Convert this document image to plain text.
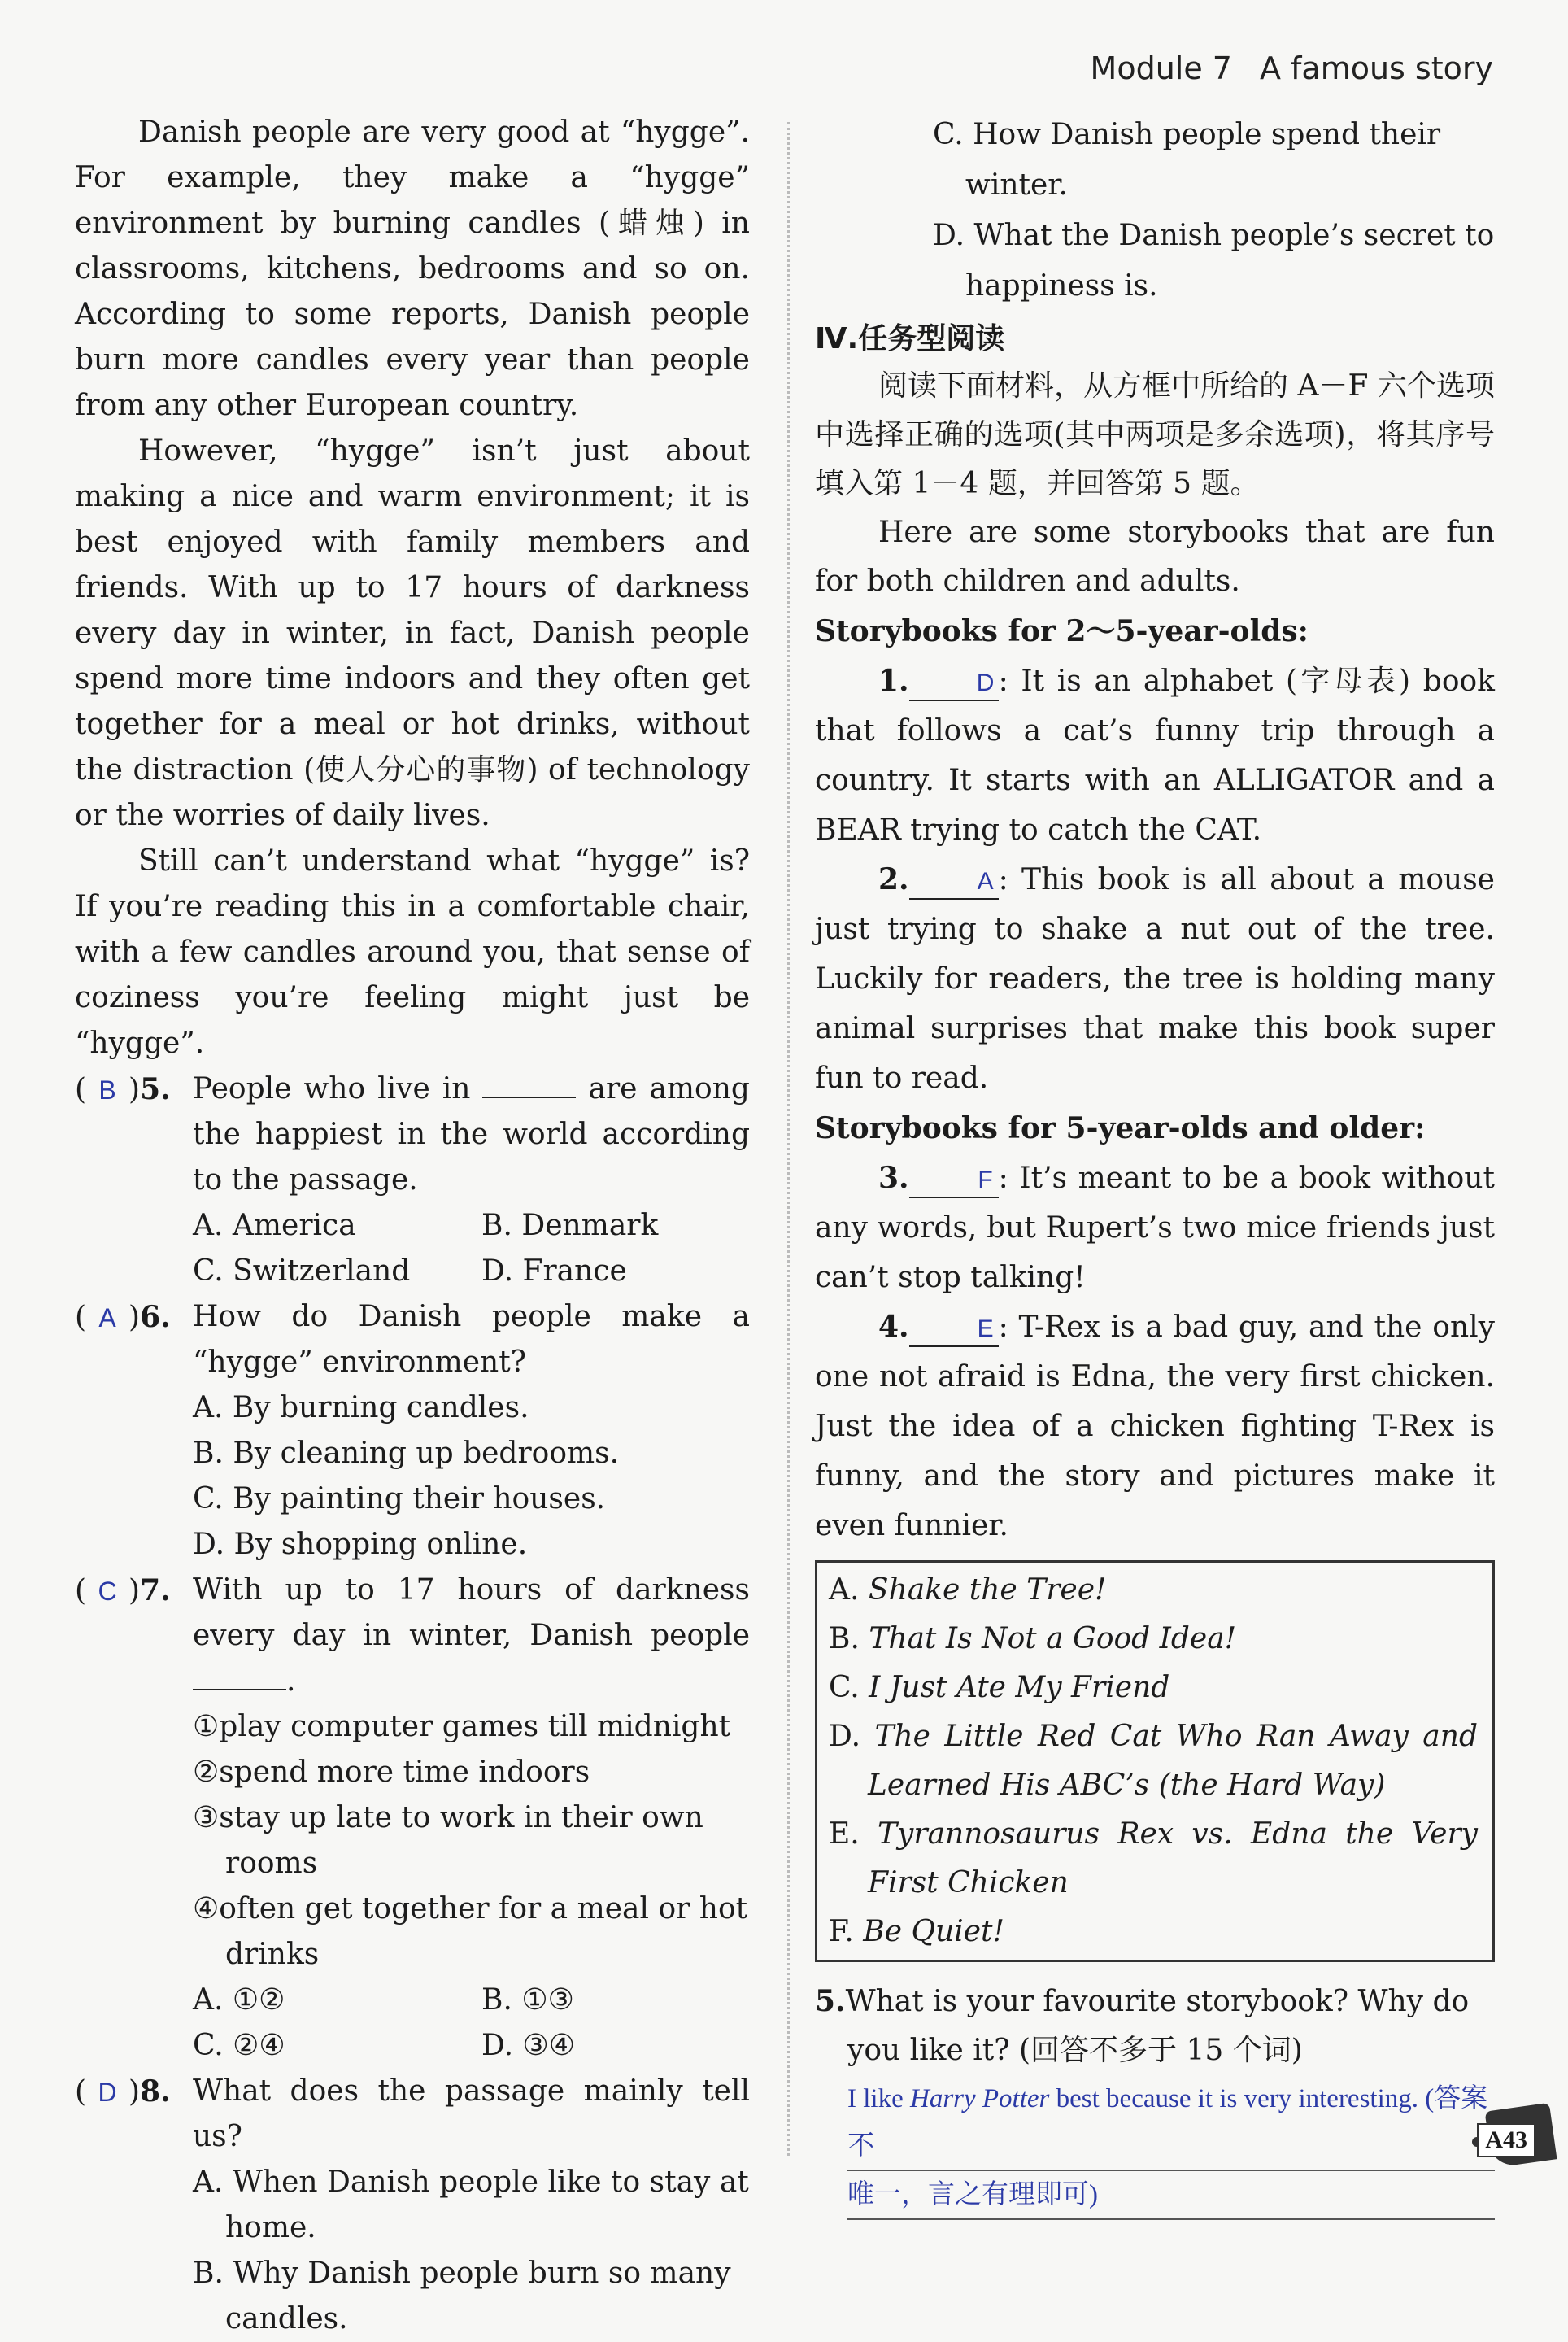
Module 7 A famous story

Danish people are very good at “hygge”. For example, they make a “hygge” environment by burning candles (蜡烛) in classrooms, kitchens, bedrooms and so on. According to some reports, Danish people burn more candles every year than people from any other European country.

However, “hygge” isn’t just about making a nice and warm environment; it is best enjoyed with family members and friends. With up to 17 hours of darkness every day in winter, in fact, Danish people spend more time indoors and they often get together for a meal or hot drinks, without the distraction (使人分心的事物) of technology or the worries of daily lives.

Still can’t understand what “hygge” is? If you’re reading this in a comfortable chair, with a few candles around you, that sense of coziness you’re feeling might just be “hygge”.

( B )5. People who live in	are among the happiest in the world according to the passage.
A. America	B. Denmark
C. Switzerland	D. France
( A )6. How do Danish people make a “hygge” environment?
A. By burning candles.
B. By cleaning up bedrooms.
C. By painting their houses.
D. By shopping online.
( C )7. With up to 17 hours of darkness every day in winter, Danish people .
①play computer games till midnight
②spend more time indoors
③stay up late to work in their own rooms
④often get together for a meal or hot drinks
A. ①②	B. ①③
C. ②④	D. ③④
( D )8. What does the passage mainly tell us?
A. When Danish people like to stay at home.
B. Why Danish people burn so many candles.
C. How Danish people spend their winter.
D. What the Danish people’s secret to happiness is.
Ⅳ.任务型阅读

阅读下面材料，从方框中所给的 A－F 六个选项中选择正确的选项(其中两项是多余选项)，将其序号填入第 1－4 题，并回答第 5 题。

Here are some storybooks that are fun for both children and adults.

Storybooks for 2～5-year-olds:

1.	D : It is an alphabet (字母表) book that follows a cat’s funny trip through a country. It starts with an ALLIGATOR and a BEAR trying to catch the CAT.

2.	A : This book is all about a mouse just trying to shake a nut out of the tree. Luckily for readers, the tree is holding many animal surprises that make this book super fun to read.

Storybooks for 5-year-olds and older:

3.	F : It’s meant to be a book without any words, but Rupert’s two mice friends just can’t stop talking!

4.	E : T-Rex is a bad guy, and the only one not afraid is Edna, the very first chicken. Just the idea of a chicken fighting T-Rex is funny, and the story and pictures make it even funnier.

A. Shake the Tree!
B. That Is Not a Good Idea!
C. I Just Ate My Friend
D. The Little Red Cat Who Ran Away and Learned His ABC’s (the Hard Way)
E. Tyrannosaurus Rex vs. Edna the Very First Chicken
F. Be Quiet!
5.What is your favourite storybook? Why do you like it? (回答不多于 15 个词)
I like Harry Potter best because it is very interesting. (答案不
唯一，言之有理即可)
A43
